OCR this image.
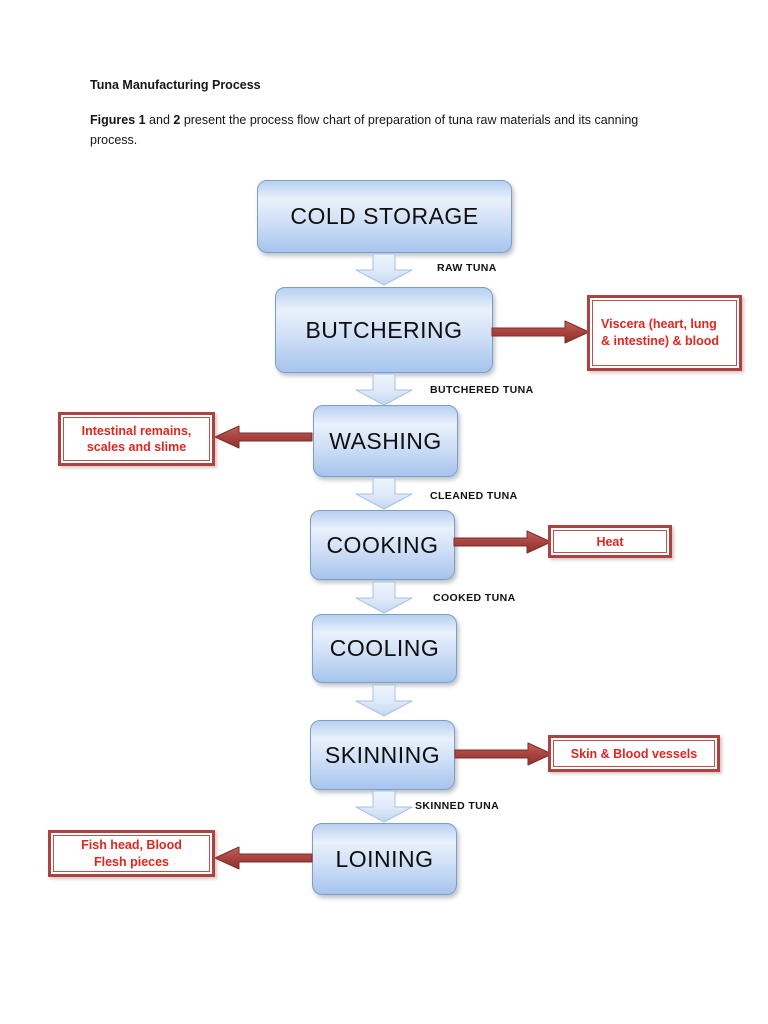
Tuna Manufacturing Process
Figures 1 and 2 present the process flow chart of preparation of tuna raw materials and its canning process.
COLD STORAGE
BUTCHERING
WASHING
COOKING
COOLING
SKINNING
LOINING
RAW TUNA
BUTCHERED TUNA
CLEANED TUNA
COOKED TUNA
SKINNED TUNA
Viscera (heart, lung & intestine) & blood
Intestinal remains, scales and slime
Heat
Skin & Blood vessels
Fish head, Blood Flesh pieces
